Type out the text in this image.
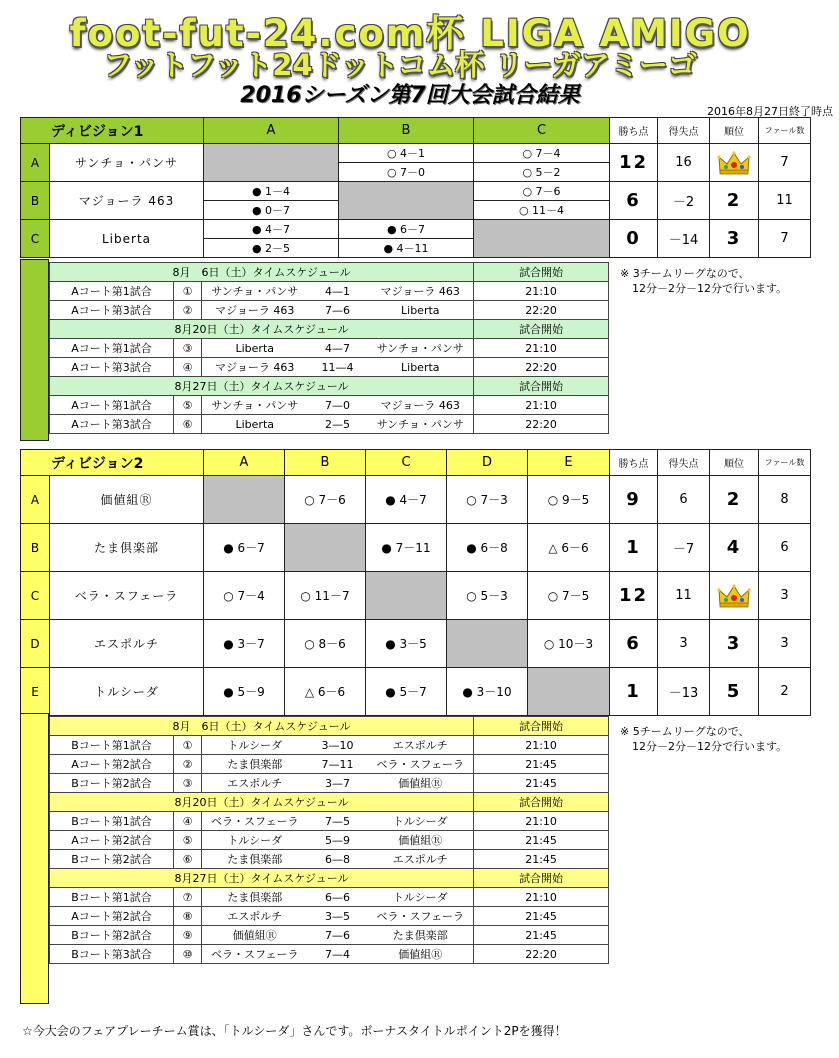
foot-fut-24.com杯 LIGA AMIGO
フットフット24ドットコム杯 リーガアミーゴ
2016シーズン第7回大会試合結果
2016年8月27日終了時点
ディビジョン1		A	B	C	勝ち点	得失点	順位	ファール数
A	サンチョ・パンサ		○ 4－1	○ 7－4	12	16		7
			○ 7－0	○ 5－2				
B	マジョーラ 463	● 1－4		○ 7－6	6	－2	2	11
		● 0－7		○ 11－4				
C	Liberta	● 4－7	● 6－7		0	－14	3	7
		● 2－5	● 4－11					
8月　6日（土）タイムスケジュール					試合開始
Aコート第1試合	①	サンチョ・パンサ	4—1	マジョーラ 463	21:10
Aコート第3試合	②	マジョーラ 463	7—6	Liberta	22:20
8月20日（土）タイムスケジュール					試合開始
Aコート第1試合	③	Liberta	4—7	サンチョ・パンサ	21:10
Aコート第3試合	④	マジョーラ 463	11—4	Liberta	22:20
8月27日（土）タイムスケジュール					試合開始
Aコート第1試合	⑤	サンチョ・パンサ	7—0	マジョーラ 463	21:10
Aコート第3試合	⑥	Liberta	2—5	サンチョ・パンサ	22:20
※ 3チームリーグなので、
12分－2分－12分で行います。
ディビジョン2		A	B	C	D	E	勝ち点	得失点	順位	ファール数
A	価値組Ⓡ		○ 7－6	● 4－7	○ 7－3	○ 9－5	9	6	2	8
B	たま倶楽部	● 6－7		● 7－11	● 6－8	△ 6－6	1	－7	4	6
C	ベラ・スフェーラ	○ 7－4	○ 11－7		○ 5－3	○ 7－5	12	11		3
D	エスポルチ	● 3－7	○ 8－6	● 3－5		○ 10－3	6	3	3	3
E	トルシーダ	● 5－9	△ 6－6	● 5－7	● 3－10		1	－13	5	2
8月　6日（土）タイムスケジュール					試合開始
Bコート第1試合	①	トルシーダ	3—10	エスポルチ	21:10
Aコート第2試合	②	たま倶楽部	7—11	ベラ・スフェーラ	21:45
Bコート第2試合	③	エスポルチ	3—7	価値組Ⓡ	21:45
8月20日（土）タイムスケジュール					試合開始
Bコート第1試合	④	ベラ・スフェーラ	7—5	トルシーダ	21:10
Aコート第2試合	⑤	トルシーダ	5—9	価値組Ⓡ	21:45
Bコート第2試合	⑥	たま倶楽部	6—8	エスポルチ	21:45
8月27日（土）タイムスケジュール					試合開始
Bコート第1試合	⑦	たま倶楽部	6—6	トルシーダ	21:10
Aコート第2試合	⑧	エスポルチ	3—5	ベラ・スフェーラ	21:45
Bコート第2試合	⑨	価値組Ⓡ	7—6	たま倶楽部	21:45
Bコート第3試合	⑩	ベラ・スフェーラ	7—4	価値組Ⓡ	22:20
※ 5チームリーグなので、
12分－2分－12分で行います。
☆今大会のフェアプレーチーム賞は、「トルシーダ」さんです。ボーナスタイトルポイント2Pを獲得！
